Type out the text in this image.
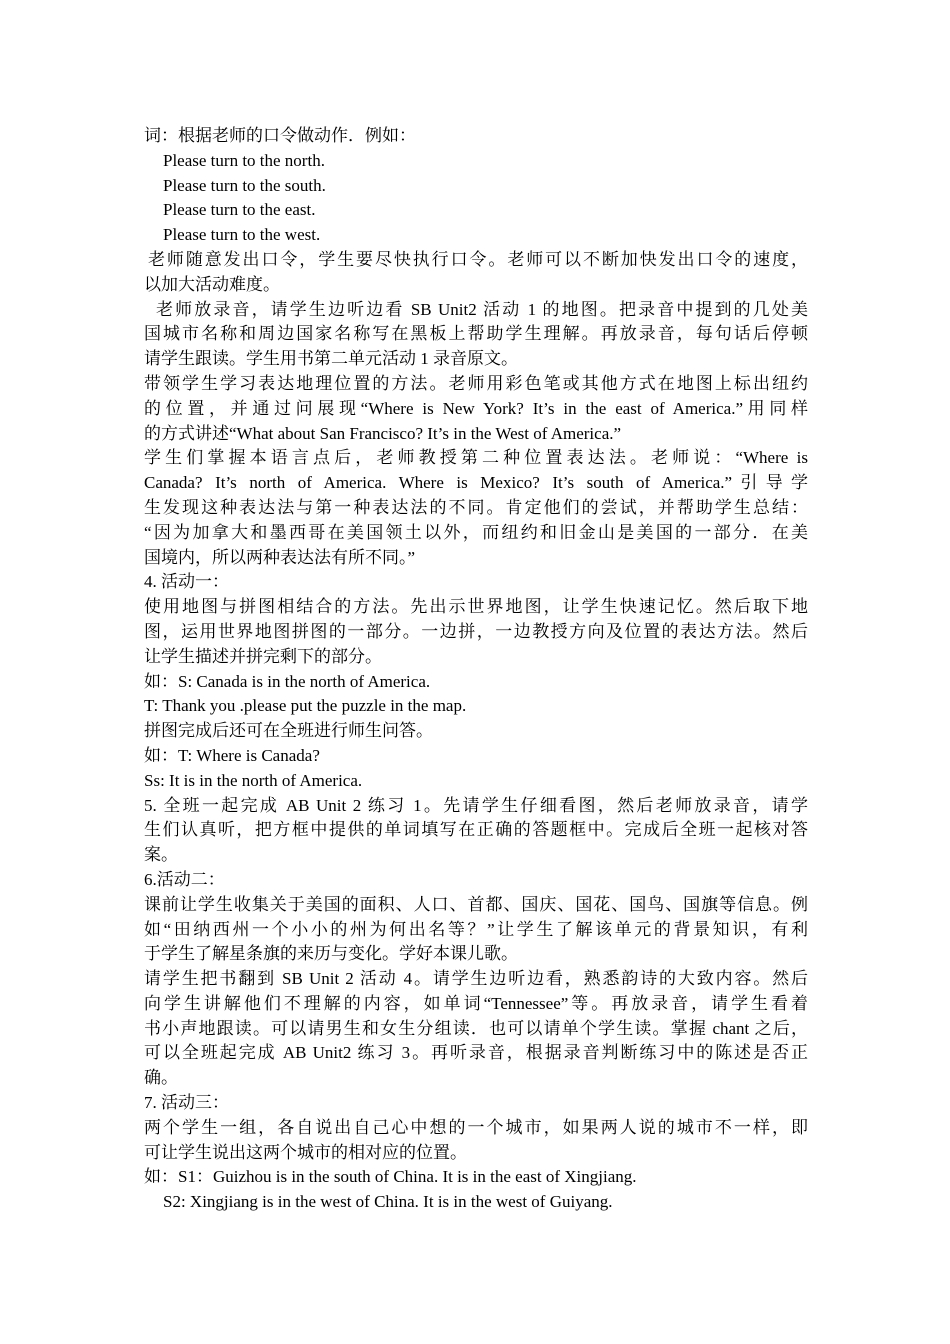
词：根据老师的口令做动作．例如：
Please turn to the north.
Please turn to the south.
Please turn to the east.
Please turn to the west.
老师随意发出口令，学生要尽快执行口令。老师可以不断加快发出口令的速度，
以加大活动难度。
老师放录音，请学生边听边看 SB Unit2 活动 1 的地图。把录音中提到的几处美
国城市名称和周边国家名称写在黑板上帮助学生理解。再放录音，每句话后停顿
请学生跟读。学生用书第二单元活动 1 录音原文。
带领学生学习表达地理位置的方法。老师用彩色笔或其他方式在地图上标出纽约
的位置，并通过问展现“Where is New York? It’s in the east of America.”用同样
的方式讲述“What about San Francisco? It’s in the West of America.”
学生们掌握本语言点后，老师教授第二种位置表达法。老师说：“Where is
Canada? It’s north of America. Where is Mexico? It’s south of America.”引导学
生发现这种表达法与第一种表达法的不同。肯定他们的尝试，并帮助学生总结：
“因为加拿大和墨西哥在美国领土以外，而纽约和旧金山是美国的一部分．在美
国境内，所以两种表达法有所不同。”
4. 活动一：
使用地图与拼图相结合的方法。先出示世界地图，让学生快速记忆。然后取下地
图，运用世界地图拼图的一部分。一边拼，一边教授方向及位置的表达方法。然后
让学生描述并拼完剩下的部分。
如：S: Canada is in the north of America.
T: Thank you .please put the puzzle in the map.
拼图完成后还可在全班进行师生问答。
如：T: Where is Canada?
Ss: It is in the north of America.
5. 全班一起完成 AB Unit 2 练习 1。先请学生仔细看图，然后老师放录音，请学
生们认真听，把方框中提供的单词填写在正确的答题框中。完成后全班一起核对答
案。
6.活动二：
课前让学生收集关于美国的面积、人口、首都、国庆、国花、国鸟、国旗等信息。例
如“田纳西州一个小小的州为何出名等？”让学生了解该单元的背景知识，有利
于学生了解星条旗的来历与变化。学好本课儿歌。
请学生把书翻到 SB Unit 2 活动 4。请学生边听边看，熟悉韵诗的大致内容。然后
向学生讲解他们不理解的内容，如单词“Tennessee”等。再放录音，请学生看着
书小声地跟读。可以请男生和女生分组读．也可以请单个学生读。掌握 chant 之后，
可以全班起完成 AB Unit2 练习 3。再听录音，根据录音判断练习中的陈述是否正
确。
7. 活动三：
两个学生一组，各自说出自己心中想的一个城市，如果两人说的城市不一样，即
可让学生说出这两个城市的相对应的位置。
如：S1：Guizhou is in the south of China. It is in the east of Xingjiang.
S2: Xingjiang is in the west of China. It is in the west of Guiyang.
